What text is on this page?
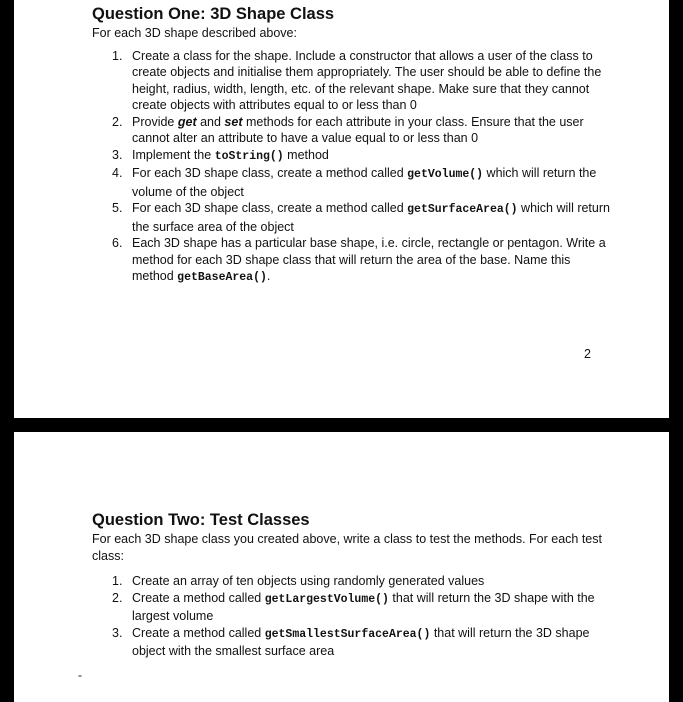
Question One: 3D Shape Class
For each 3D shape described above:
1. Create a class for the shape. Include a constructor that allows a user of the class to create objects and initialise them appropriately. The user should be able to define the height, radius, width, length, etc. of the relevant shape. Make sure that they cannot create objects with attributes equal to or less than 0
2. Provide get and set methods for each attribute in your class. Ensure that the user cannot alter an attribute to have a value equal to or less than 0
3. Implement the toString() method
4. For each 3D shape class, create a method called getVolume() which will return the volume of the object
5. For each 3D shape class, create a method called getSurfaceArea() which will return the surface area of the object
6. Each 3D shape has a particular base shape, i.e. circle, rectangle or pentagon. Write a method for each 3D shape class that will return the area of the base. Name this method getBaseArea().
2
Question Two: Test Classes
For each 3D shape class you created above, write a class to test the methods. For each test class:
1. Create an array of ten objects using randomly generated values
2. Create a method called getLargestVolume() that will return the 3D shape with the largest volume
3. Create a method called getSmallestSurfaceArea() that will return the 3D shape object with the smallest surface area
-
